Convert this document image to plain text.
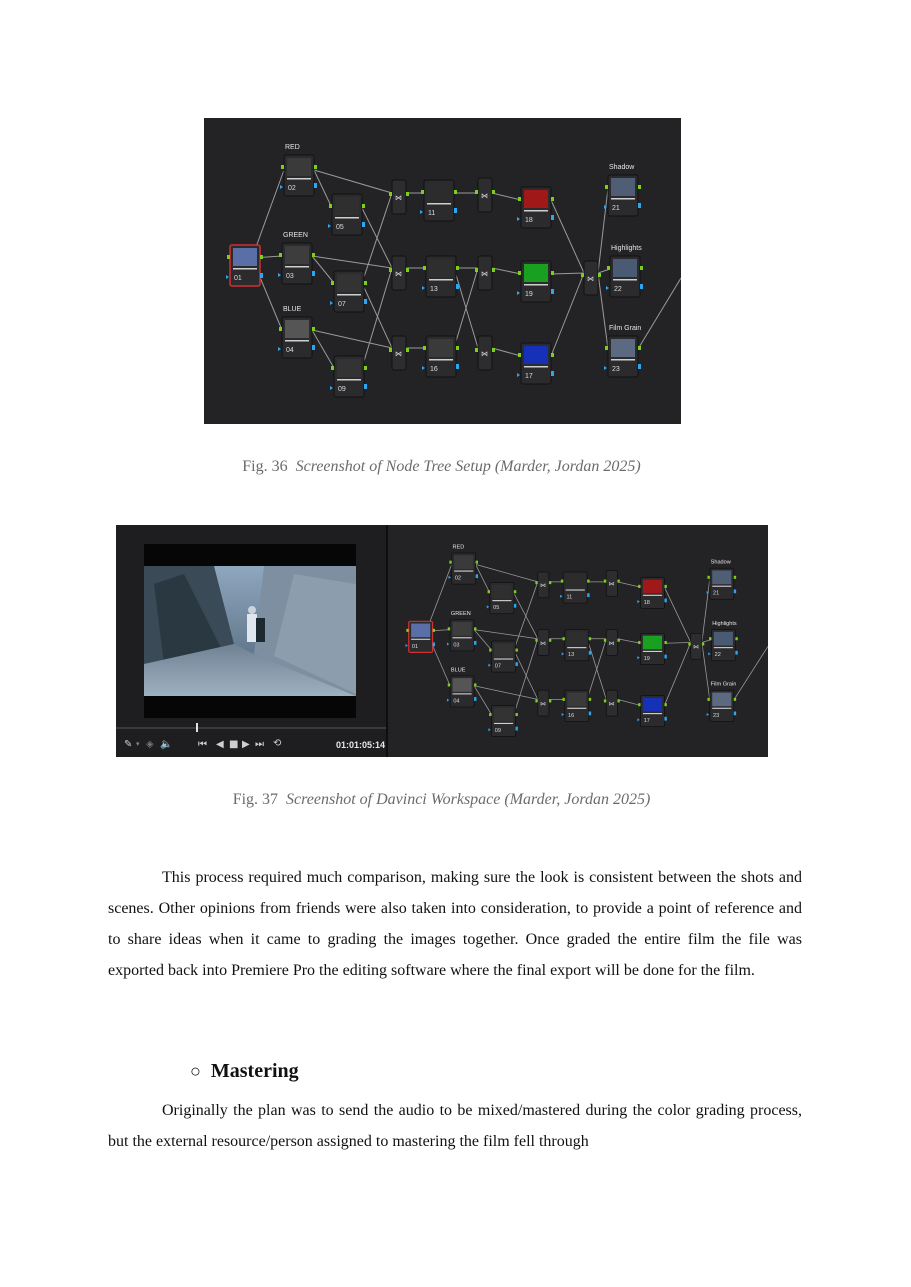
⋈
⋈
⋈
⋈
⋈
⋈
⋈
01
02
RED
03
GREEN
04
BLUE
05
07
09
11
13
16
17
18
19
21
Shadow
22
Highlights
23
Film Grain
Fig. 36 Screenshot of Node Tree Setup (Marder, Jordan 2025)
✎ ▾ ◈ 🔈	⏮ ◀ ■ ▶ ⏭ ⟲	01:01:05:14
⋈
⋈
⋈
⋈
⋈
⋈
⋈
01
02
RED
03
GREEN
04
BLUE
05
07
09
11
13
16
17
18
19
21
Shadow
22
Highlights
23
Film Grain
Fig. 37 Screenshot of Davinci Workspace (Marder, Jordan 2025)
This process required much comparison, making sure the look is consistent between the shots and scenes. Other opinions from friends were also taken into consideration, to provide a point of reference and to share ideas when it came to grading the images together. Once graded the entire film the file was exported back into Premiere Pro the editing software where the final export will be done for the film.
○ Mastering
Originally the plan was to send the audio to be mixed/mastered during the color grading process, but the external resource/person assigned to mastering the film fell through
